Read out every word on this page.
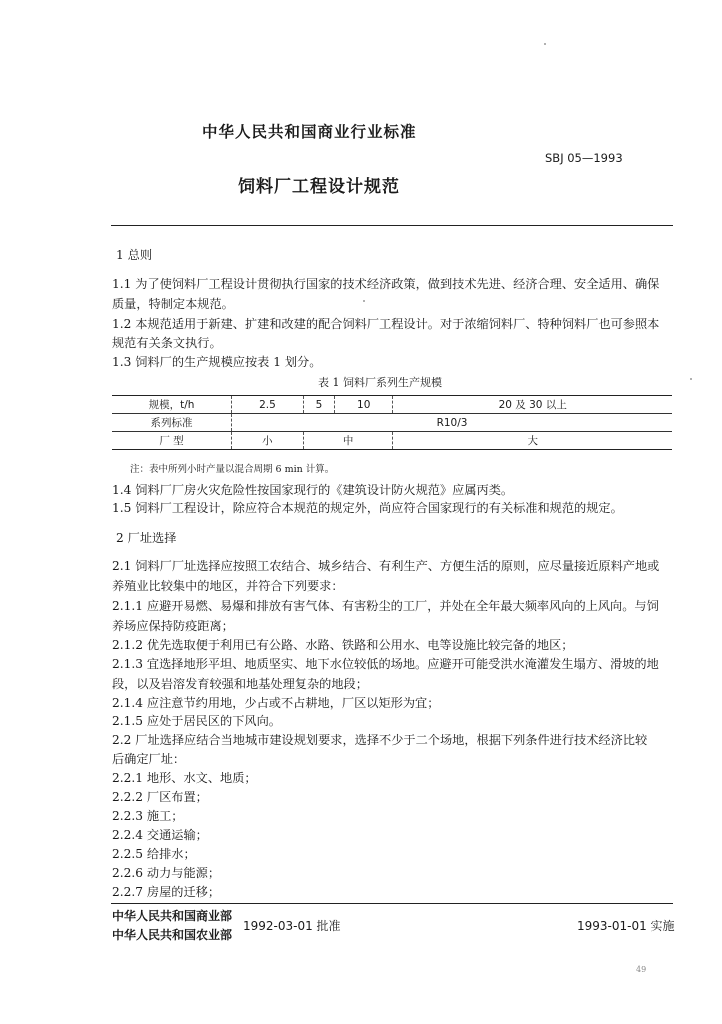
中华人民共和国商业行业标准
SBJ 05—1993
饲料厂工程设计规范
1 总则
1.1 为了使饲料厂工程设计贯彻执行国家的技术经济政策，做到技术先进、经济合理、安全适用、确保
质量，特制定本规范。
1.2 本规范适用于新建、扩建和改建的配合饲料厂工程设计。对于浓缩饲料厂、特种饲料厂也可参照本
规范有关条文执行。
1.3 饲料厂的生产规模应按表 1 划分。
表 1 饲料厂系列生产规模
规模，t/h	2.5	5	10	20 及 30 以上
系列标准	R10/3			
厂 型	小	中		大
注：表中所列小时产量以混合周期 6 min 计算。
1.4 饲料厂厂房火灾危险性按国家现行的《建筑设计防火规范》应属丙类。
1.5 饲料厂工程设计，除应符合本规范的规定外，尚应符合国家现行的有关标准和规范的规定。
2 厂址选择
2.1 饲料厂厂址选择应按照工农结合、城乡结合、有利生产、方便生活的原则，应尽量接近原料产地或
养殖业比较集中的地区，并符合下列要求：
2.1.1 应避开易燃、易爆和排放有害气体、有害粉尘的工厂，并处在全年最大频率风向的上风向。与饲
养场应保持防疫距离；
2.1.2 优先选取便于利用已有公路、水路、铁路和公用水、电等设施比较完备的地区；
2.1.3 宜选择地形平坦、地质坚实、地下水位较低的场地。应避开可能受洪水淹灌发生塌方、滑坡的地
段，以及岩溶发育较强和地基处理复杂的地段；
2.1.4 应注意节约用地，少占或不占耕地，厂区以矩形为宜；
2.1.5 应处于居民区的下风向。
2.2 厂址选择应结合当地城市建设规划要求，选择不少于二个场地，根据下列条件进行技术经济比较
后确定厂址：
2.2.1 地形、水文、地质；
2.2.2 厂区布置；
2.2.3 施工；
2.2.4 交通运输；
2.2.5 给排水；
2.2.6 动力与能源；
2.2.7 房屋的迁移；
中华人民共和国商业部
中华人民共和国农业部
1992-03-01 批准	1993-01-01 实施
49
